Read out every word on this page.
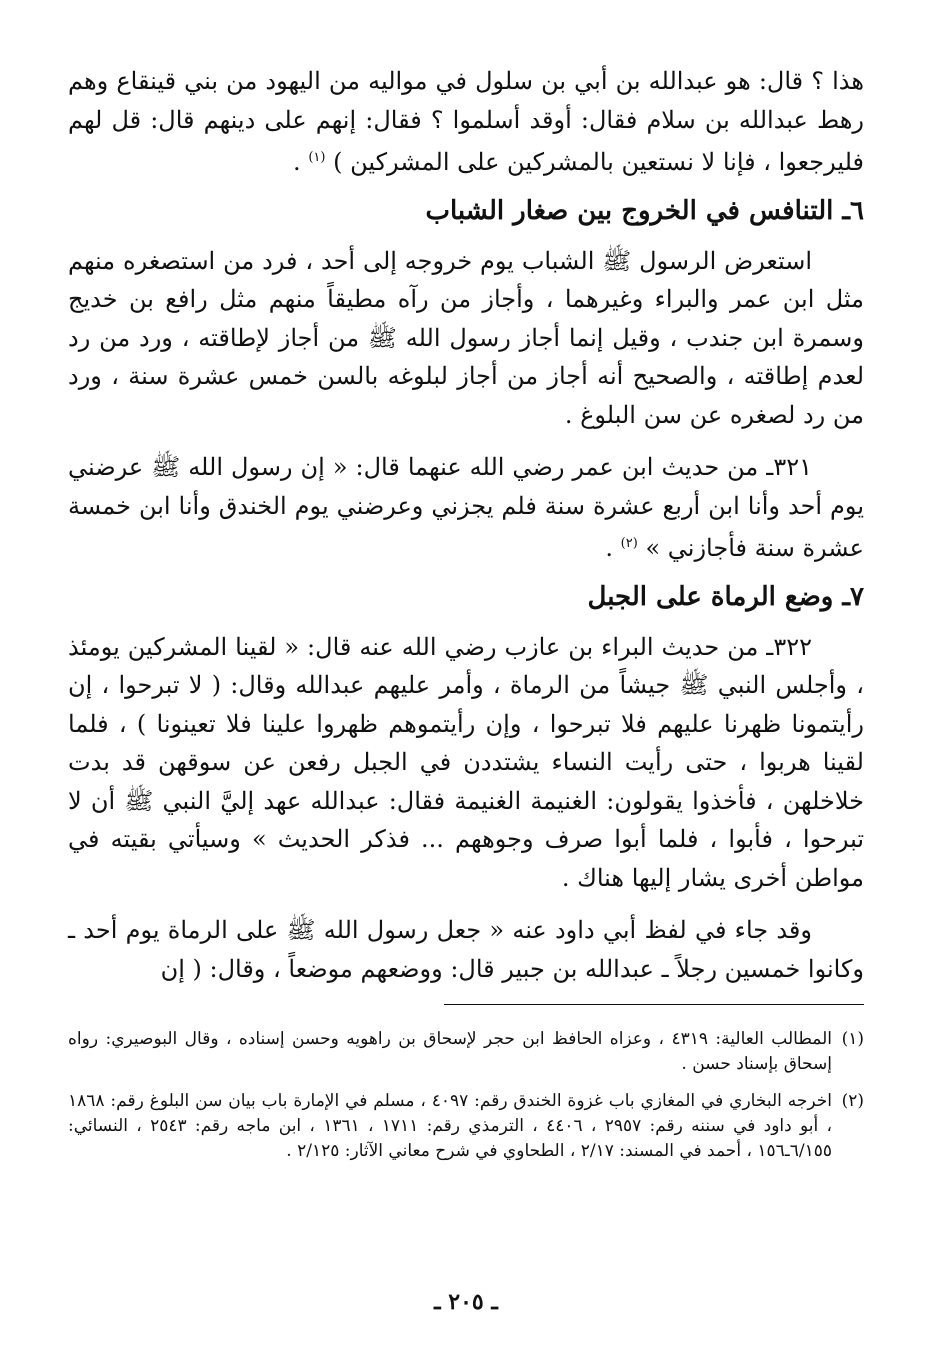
هذا ؟ قال: هو عبدالله بن أبي بن سلول في مواليه من اليهود من بني قينقاع وهم رهط عبدالله بن سلام فقال: أوقد أسلموا ؟ فقال: إنهم على دينهم قال: قل لهم فليرجعوا ، فإنا لا نستعين بالمشركين على المشركين ) $^{(١)}$ .

٦ـ التنافس في الخروج بين صغار الشباب

استعرض الرسول ﷺ الشباب يوم خروجه إلى أحد ، فرد من استصغره منهم مثل ابن عمر والبراء وغيرهما ، وأجاز من رآه مطيقاً منهم مثل رافع بن خديج وسمرة ابن جندب ، وقيل إنما أجاز رسول الله ﷺ من أجاز لإطاقته ، ورد من رد لعدم إطاقته ، والصحيح أنه أجاز من أجاز لبلوغه بالسن خمس عشرة سنة ، ورد من رد لصغره عن سن البلوغ .

٣٢١ـ من حديث ابن عمر رضي الله عنهما قال: « إن رسول الله ﷺ عرضني يوم أحد وأنا ابن أربع عشرة سنة فلم يجزني وعرضني يوم الخندق وأنا ابن خمسة عشرة سنة فأجازني » $^{(٢)}$ .

٧ـ وضع الرماة على الجبل

٣٢٢ـ من حديث البراء بن عازب رضي الله عنه قال: « لقينا المشركين يومئذ ، وأجلس النبي ﷺ جيشاً من الرماة ، وأمر عليهم عبدالله وقال: ( لا تبرحوا ، إن رأيتمونا ظهرنا عليهم فلا تبرحوا ، وإن رأيتموهم ظهروا علينا فلا تعينونا ) ، فلما لقينا هربوا ، حتى رأيت النساء يشتددن في الجبل رفعن عن سوقهن قد بدت خلاخلهن ، فأخذوا يقولون: الغنيمة الغنيمة فقال: عبدالله عهد إليَّ النبي ﷺ أن لا تبرحوا ، فأبوا ، فلما أبوا صرف وجوههم ... فذكر الحديث » وسيأتي بقيته في مواطن أخرى يشار إليها هناك .

وقد جاء في لفظ أبي داود عنه « جعل رسول الله ﷺ على الرماة يوم أحد ـ وكانوا خمسين رجلاً ـ عبدالله بن جبير قال: ووضعهم موضعاً ، وقال: ( إن

(١)
المطالب العالية: ٤٣١٩ ، وعزاه الحافظ ابن حجر لإسحاق بن راهويه وحسن إسناده ، وقال البوصيري: رواه إسحاق بإسناد حسن .

(٢)
اخرجه البخاري في المغازي باب غزوة الخندق رقم: ٤٠٩٧ ، مسلم في الإمارة باب بيان سن البلوغ رقم: ١٨٦٨ ، أبو داود في سننه رقم: ٢٩٥٧ ، ٤٤٠٦ ، الترمذي رقم: ١٧١١ ، ١٣٦١ ، ابن ماجه رقم: ٢٥٤٣ ، النسائي: ٦/١٥٥ـ١٥٦ ، أحمد في المسند: ٢/١٧ ، الطحاوي في شرح معاني الآثار: ٢/١٢٥ .

ـ ٢٠٥ ـ
